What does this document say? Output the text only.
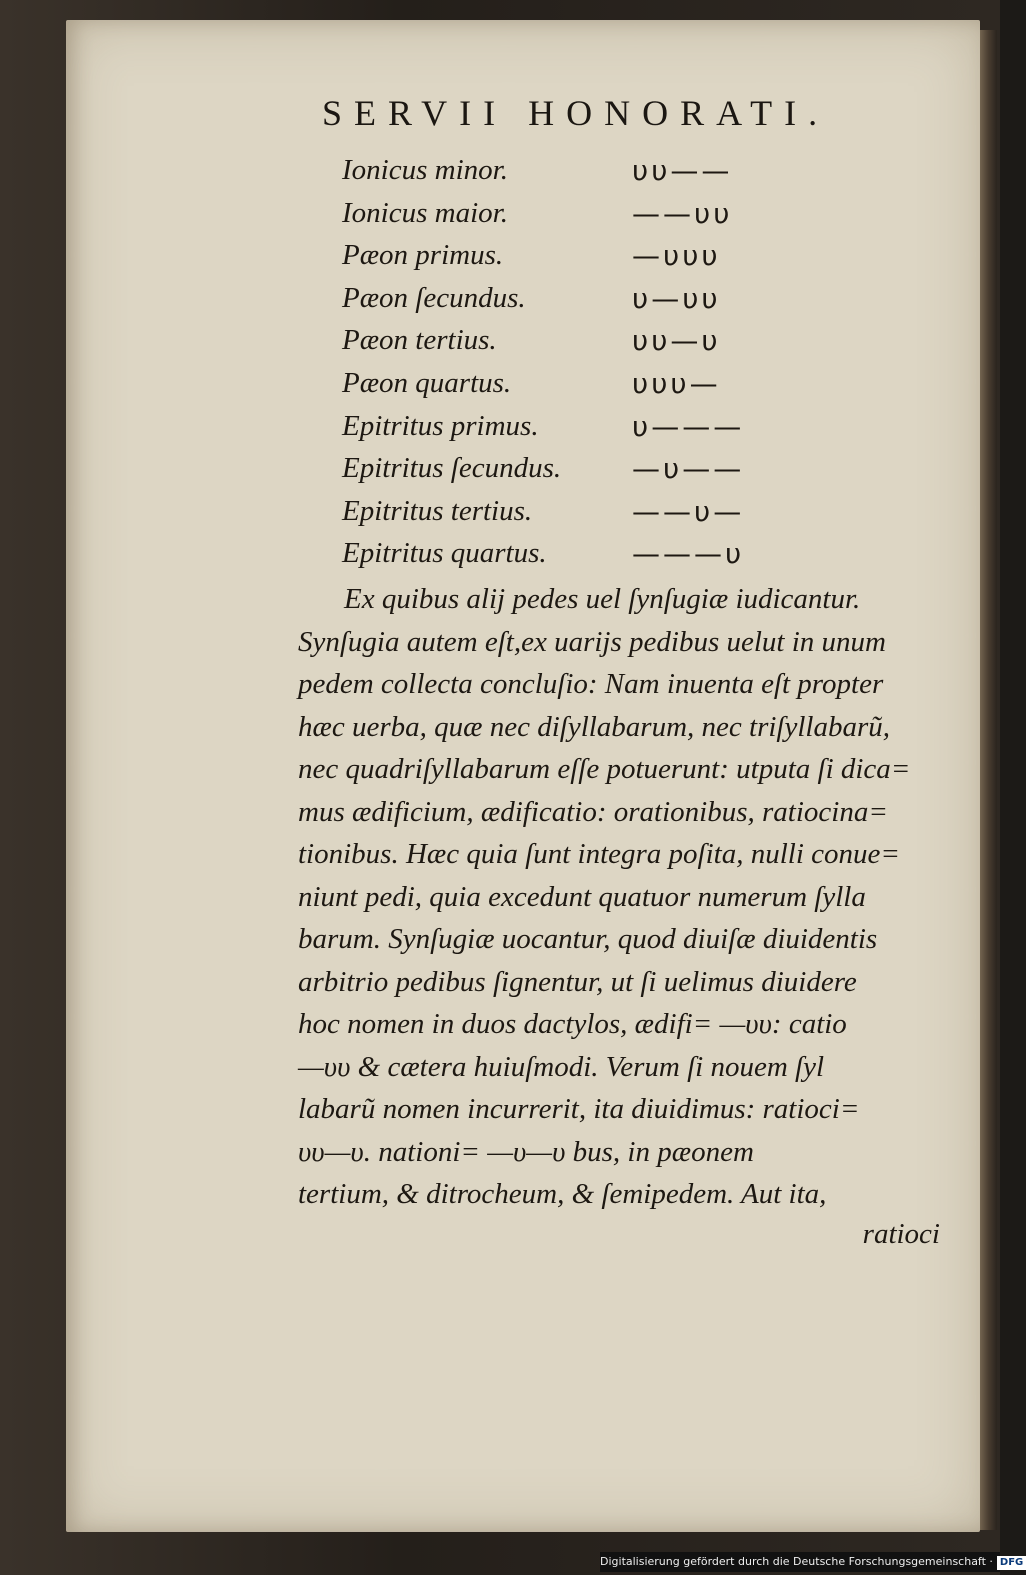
SERVII HONORATI.
Ionicus minor.	υυ——
Ionicus maior.	——υυ
Pæon primus.	—υυυ
Pæon ſecundus.	υ—υυ
Pæon tertius.	υυ—υ
Pæon quartus.	υυυ—
Epitritus primus.	υ———
Epitritus ſecundus.	—υ——
Epitritus tertius.	——υ—
Epitritus quartus.	———υ
Ex quibus alij pedes uel ſynſugiæ iudicantur.
Synſugia autem eſt,ex uarijs pedibus uelut in unum
pedem collecta concluſio: Nam inuenta eſt propter
hæc uerba, quæ nec diſyllabarum, nec triſyllabarũ,
nec quadriſyllabarum eſſe potuerunt: utputa ſi dica=
mus ædificium, ædificatio: orationibus, ratiocina=
tionibus. Hæc quia ſunt integra poſita, nulli conue=
niunt pedi, quia excedunt quatuor numerum ſylla
barum. Synſugiæ uocantur, quod diuiſæ diuidentis
arbitrio pedibus ſignentur, ut ſi uelimus diuidere
hoc nomen in duos dactylos, ædifi= —υυ: catio
—υυ & cætera huiuſmodi. Verum ſi nouem ſyl
labarũ nomen incurrerit, ita diuidimus: ratioci=
υυ—υ. nationi= —υ—υ bus, in pæonem
tertium, & ditrocheum, & ſemipedem. Aut ita,
ratioci
Digitalisierung gefördert durch die Deutsche Forschungsgemeinschaft · DFG
